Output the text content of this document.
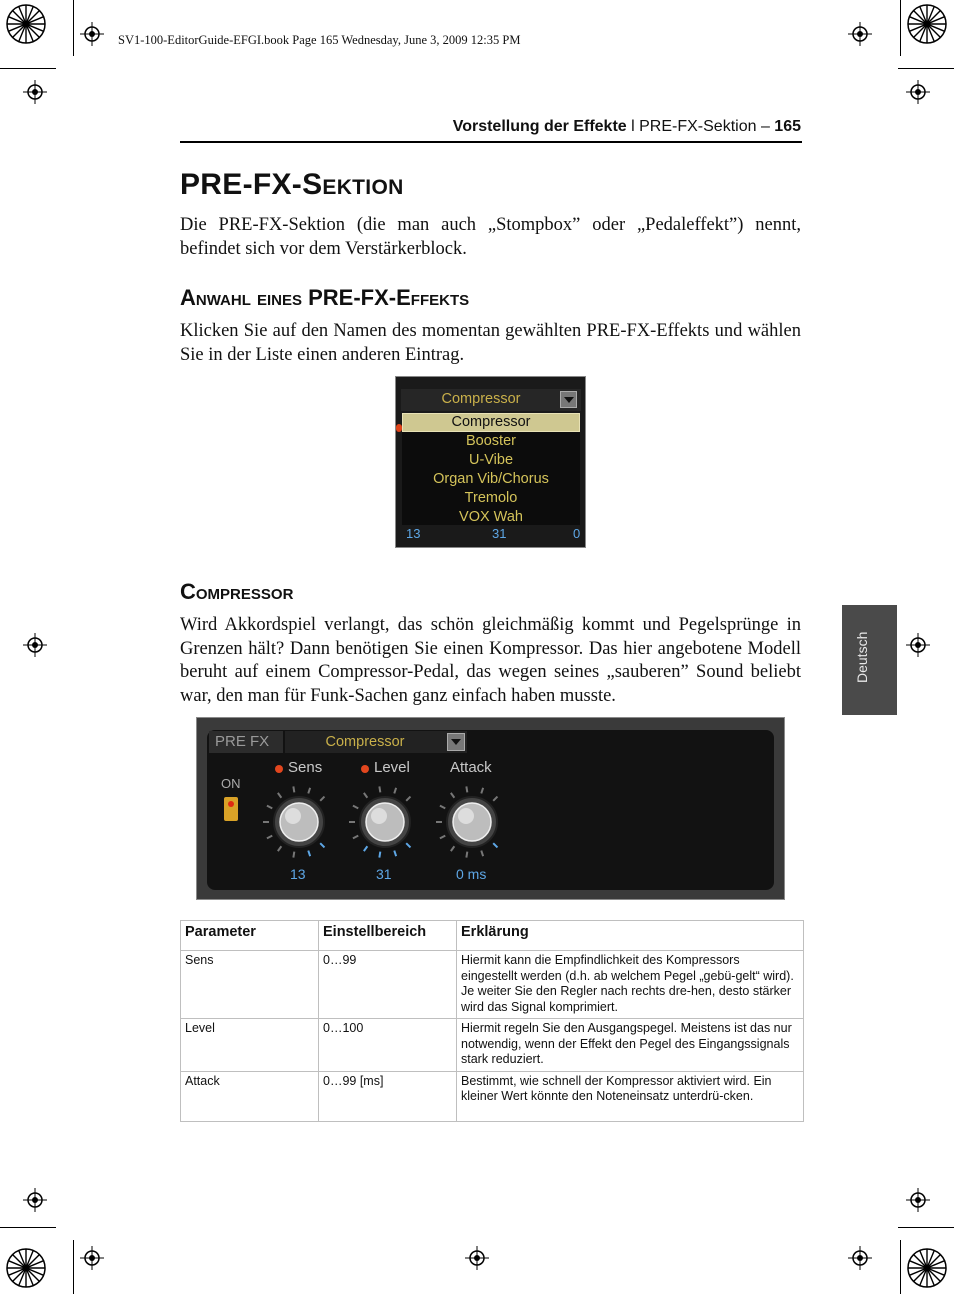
SV1-100-EditorGuide-EFGI.book Page 165 Wednesday, June 3, 2009 12:35 PM
Vorstellung der Effekte l PRE-FX-Sektion – 165
PRE-FX-Sektion

Die PRE-FX-Sektion (die man auch „Stompbox” oder „Pedaleffekt”) nennt, befindet sich vor dem Verstärkerblock.

Anwahl eines PRE-FX-Effekts

Klicken Sie auf den Namen des momentan gewählten PRE-FX-Effekts und wählen Sie in der Liste einen anderen Eintrag.

Compressor
Compressor
Booster
U-Vibe
Organ Vib/Chorus
Tremolo
VOX Wah
13	31	0
Compressor

Wird Akkordspiel verlangt, das schön gleichmäßig kommt und Pegelsprünge in Grenzen hält? Dann benötigen Sie einen Kompressor. Das hier angebotene Modell beruht auf einem Compressor-Pedal, das wegen seines „sauberen” Sound beliebt war, den man für Funk-Sachen ganz einfach haben musste.

Deutsch
PRE FX	Compressor
ON
Sens
13
Level
31
Attack
0 ms
Parameter	Einstellbereich	Erklärung
Sens	0…99	Hiermit kann die Empfindlichkeit des Kompressors eingestellt werden (d.h. ab welchem Pegel „gebü-gelt“ wird). Je weiter Sie den Regler nach rechts dre-hen, desto stärker wird das Signal komprimiert.
Level	0…100	Hiermit regeln Sie den Ausgangspegel. Meistens ist das nur notwendig, wenn der Effekt den Pegel des Eingangssignals stark reduziert.
Attack	0…99 [ms]	Bestimmt, wie schnell der Kompressor aktiviert wird. Ein kleiner Wert könnte den Noteneinsatz unterdrü-cken.
